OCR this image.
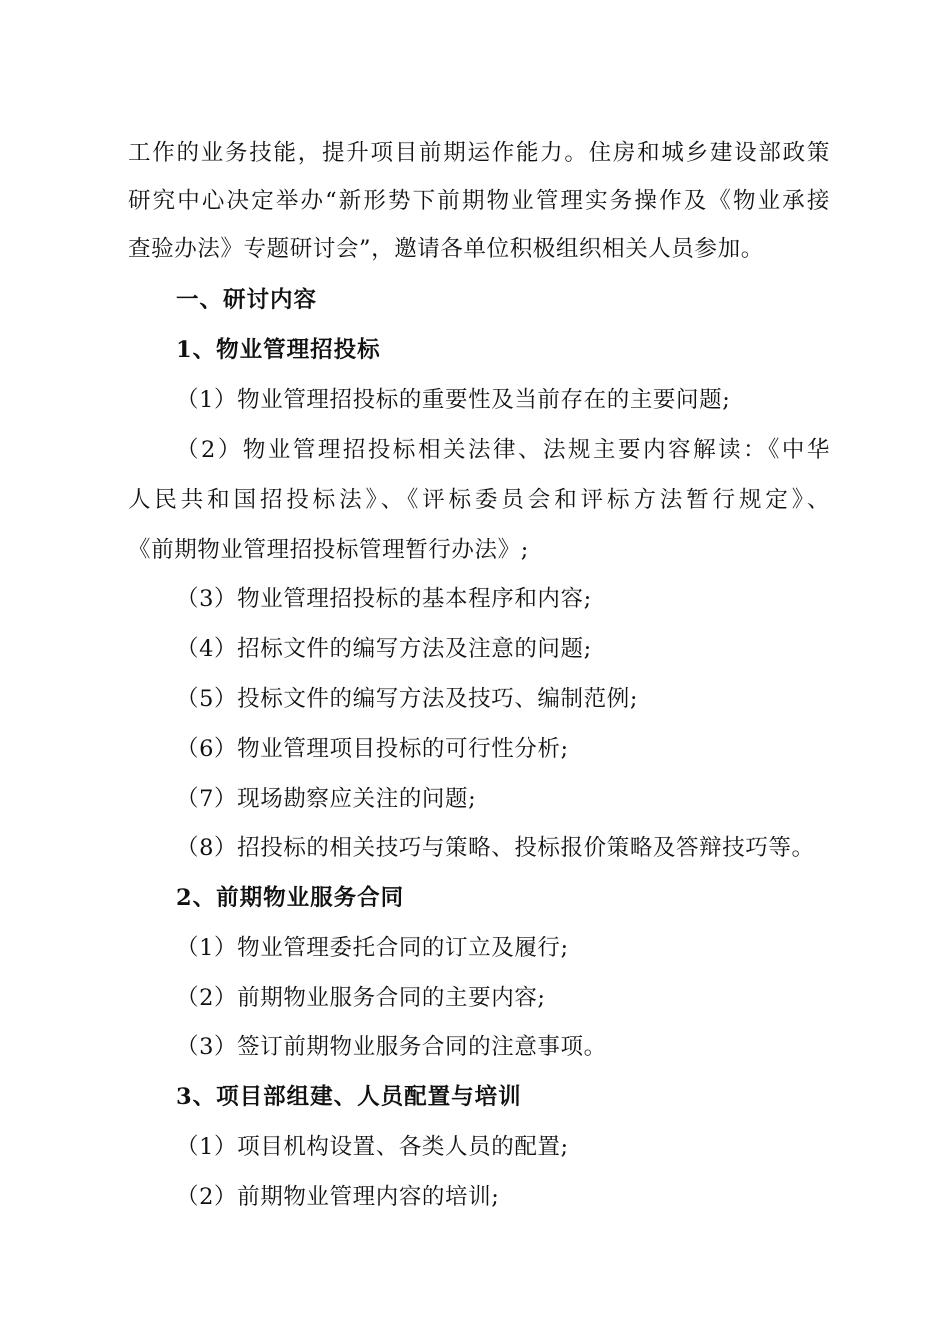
工作的业务技能，提升项目前期运作能力。住房和城乡建设部政策
研究中心决定举办“新形势下前期物业管理实务操作及《物业承接
查验办法》专题研讨会”，邀请各单位积极组织相关人员参加。
一、研讨内容
1、物业管理招投标
（1）物业管理招投标的重要性及当前存在的主要问题;
（2）物业管理招投标相关法律、法规主要内容解读：《中华
人民共和国招投标法》、《评标委员会和评标方法暂行规定》、
《前期物业管理招投标管理暂行办法》;
（3）物业管理招投标的基本程序和内容;
（4）招标文件的编写方法及注意的问题;
（5）投标文件的编写方法及技巧、编制范例;
（6）物业管理项目投标的可行性分析;
（7）现场勘察应关注的问题;
（8）招投标的相关技巧与策略、投标报价策略及答辩技巧等。
2、前期物业服务合同
（1）物业管理委托合同的订立及履行;
（2）前期物业服务合同的主要内容;
（3）签订前期物业服务合同的注意事项。
3、项目部组建、人员配置与培训
（1）项目机构设置、各类人员的配置;
（2）前期物业管理内容的培训;
